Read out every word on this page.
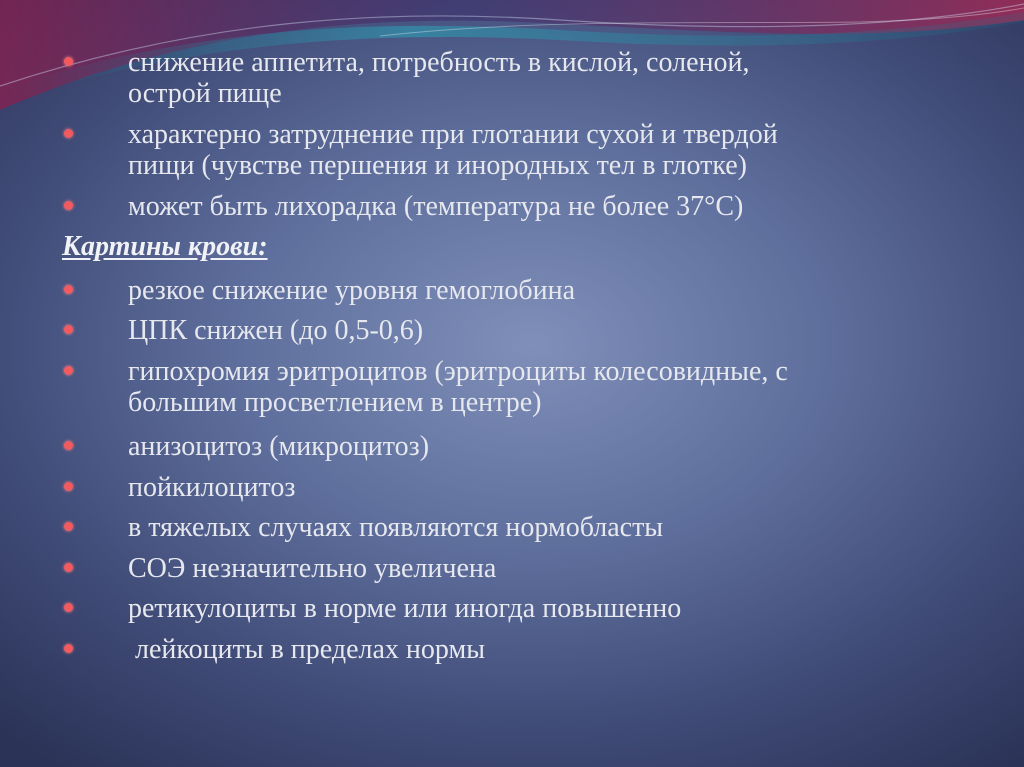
снижение аппетита, потребность в кислой, соленой,
острой пище
характерно затруднение при глотании сухой и твердой
пищи (чувстве першения и инородных тел в глотке)
может быть лихорадка (температура не более 37°С)
Картины крови:
резкое снижение уровня гемоглобина
ЦПК снижен (до 0,5-0,6)
гипохромия эритроцитов (эритроциты колесовидные, с
большим просветлением в центре)
анизоцитоз (микроцитоз)
пойкилоцитоз
в тяжелых случаях появляются нормобласты
СОЭ незначительно увеличена
ретикулоциты в норме или иногда повышенно
лейкоциты в пределах нормы
